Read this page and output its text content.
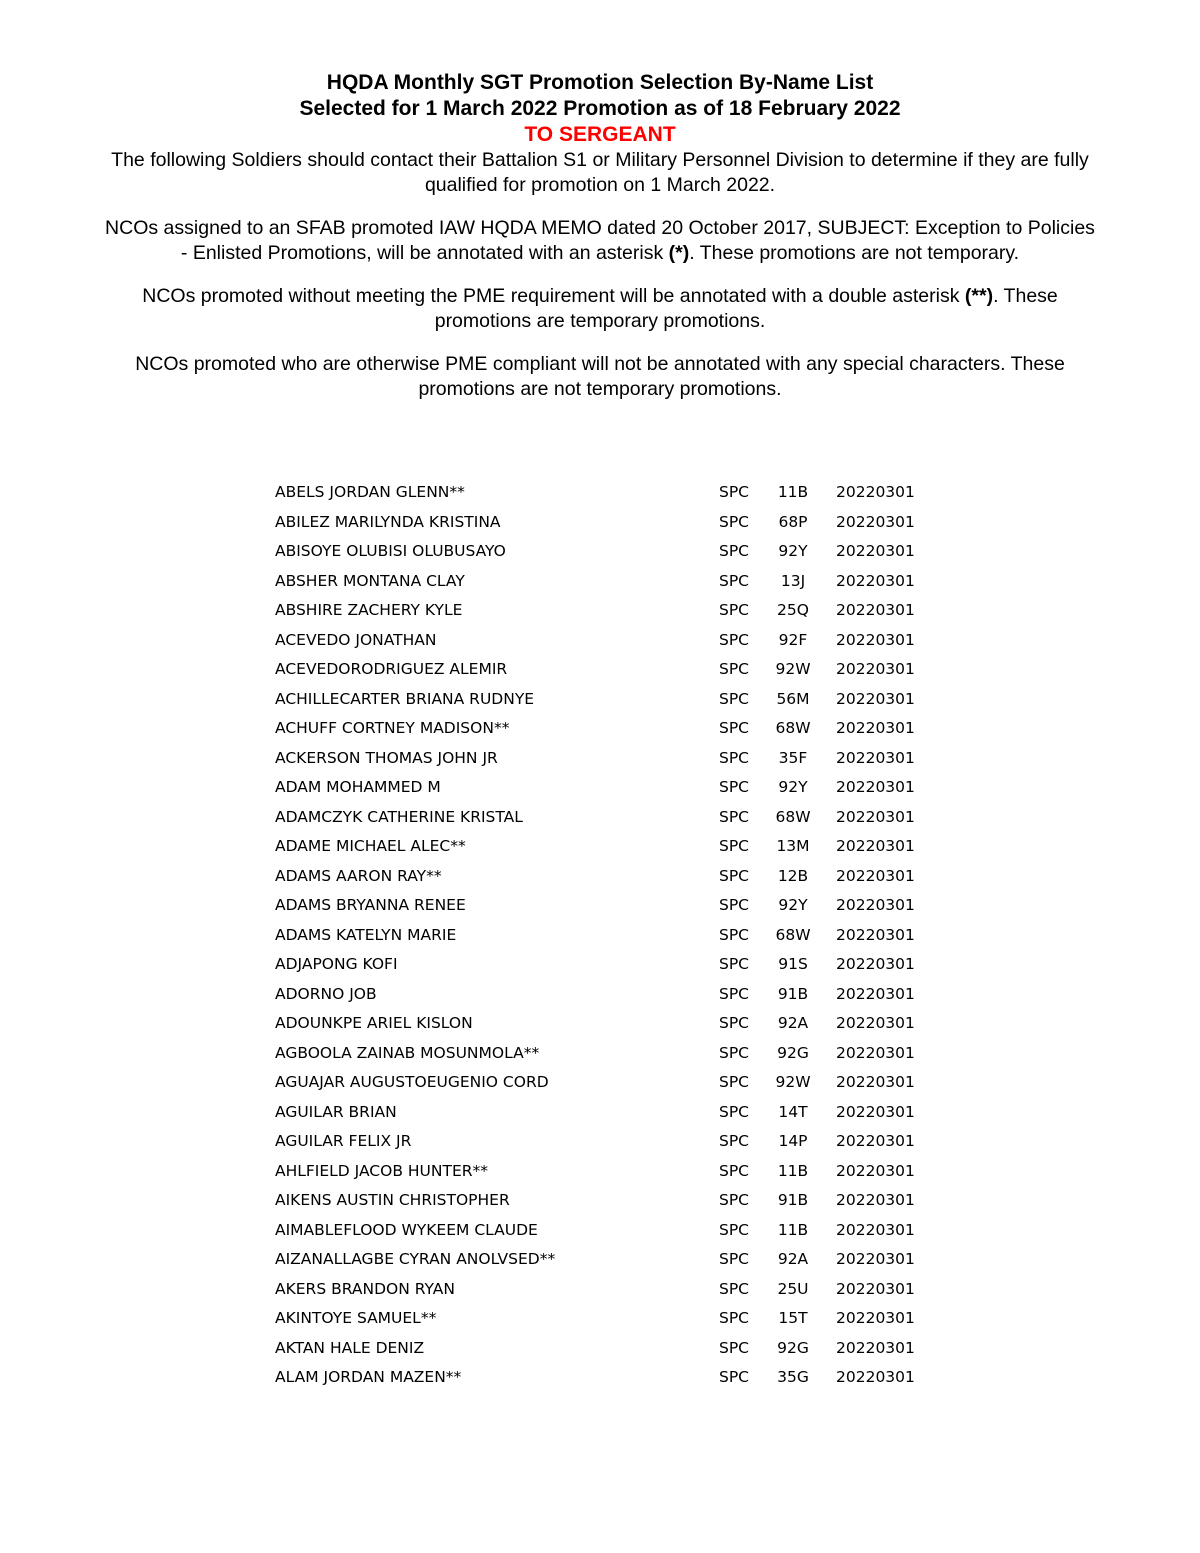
HQDA Monthly SGT Promotion Selection By-Name List

Selected for 1 March 2022 Promotion as of 18 February 2022

TO SERGEANT

The following Soldiers should contact their Battalion S1 or Military Personnel Division to determine if they are fully qualified for promotion on 1 March 2022.

NCOs assigned to an SFAB promoted IAW HQDA MEMO dated 20 October 2017, SUBJECT: Exception to Policies - Enlisted Promotions, will be annotated with an asterisk (*). These promotions are not temporary.

NCOs promoted without meeting the PME requirement will be annotated with a double asterisk (**). These promotions are temporary promotions.

NCOs promoted who are otherwise PME compliant will not be annotated with any special characters. These promotions are not temporary promotions.

ABELS JORDAN GLENN**	SPC	11B	20220301
ABILEZ MARILYNDA KRISTINA	SPC	68P	20220301
ABISOYE OLUBISI OLUBUSAYO	SPC	92Y	20220301
ABSHER MONTANA CLAY	SPC	13J	20220301
ABSHIRE ZACHERY KYLE	SPC 25Q 20220301
ACEVEDO JONATHAN	SPC	92F	20220301
ACEVEDORODRIGUEZ ALEMIR	SPC 92W 20220301
ACHILLECARTER BRIANA RUDNYE	SPC 56M 20220301
ACHUFF CORTNEY MADISON**	SPC 68W 20220301
ACKERSON THOMAS JOHN JR	SPC	35F	20220301
ADAM MOHAMMED M	SPC	92Y	20220301
ADAMCZYK CATHERINE KRISTAL	SPC 68W 20220301
ADAME MICHAEL ALEC**	SPC 13M 20220301
ADAMS AARON RAY**	SPC	12B	20220301
ADAMS BRYANNA RENEE	SPC	92Y	20220301
ADAMS KATELYN MARIE	SPC 68W 20220301
ADJAPONG KOFI	SPC	91S	20220301
ADORNO JOB	SPC	91B	20220301
ADOUNKPE ARIEL KISLON	SPC	92A	20220301
AGBOOLA ZAINAB MOSUNMOLA**	SPC 92G 20220301
AGUAJAR AUGUSTOEUGENIO CORD	SPC 92W 20220301
AGUILAR BRIAN	SPC	14T	20220301
AGUILAR FELIX JR	SPC	14P	20220301
AHLFIELD JACOB HUNTER**	SPC	11B	20220301
AIKENS AUSTIN CHRISTOPHER	SPC	91B	20220301
AIMABLEFLOOD WYKEEM CLAUDE	SPC	11B	20220301
AIZANALLAGBE CYRAN ANOLVSED**	SPC	92A	20220301
AKERS BRANDON RYAN	SPC 25U 20220301
AKINTOYE SAMUEL**	SPC	15T	20220301
AKTAN HALE DENIZ	SPC 92G 20220301
ALAM JORDAN MAZEN**	SPC 35G 20220301
